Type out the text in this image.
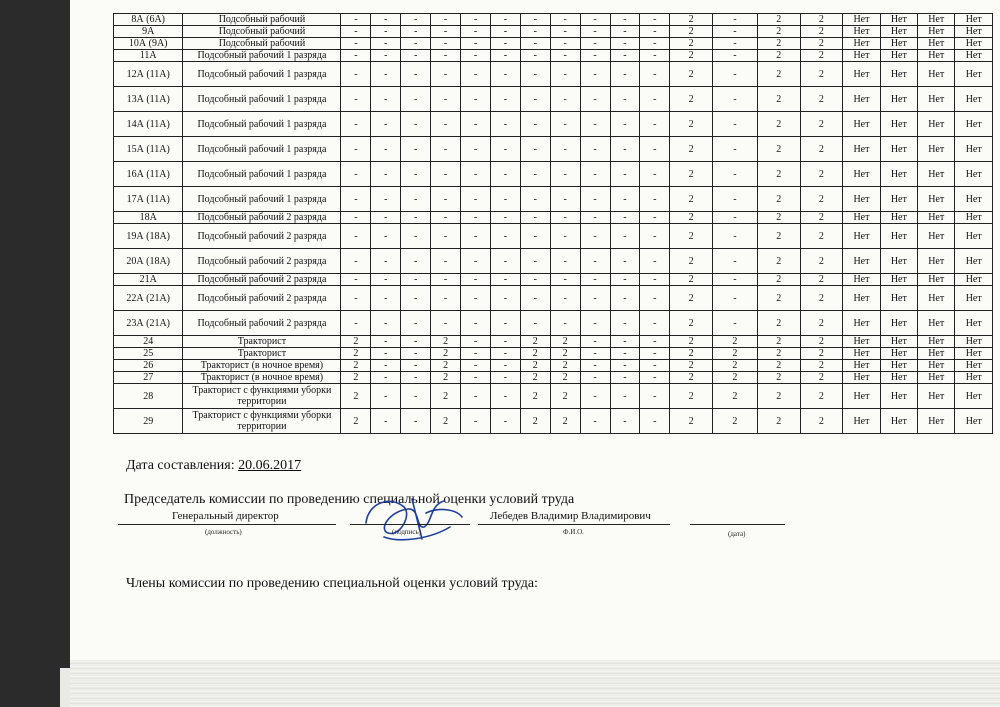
8А (6А)	Подсобный рабочий	-	-	-	-	-	-	-	-	-	-	-	2	-	2	2	Нет	Нет	Нет	Нет
9А	Подсобный рабочий	-	-	-	-	-	-	-	-	-	-	-	2	-	2	2	Нет	Нет	Нет	Нет
10А (9А)	Подсобный рабочий	-	-	-	-	-	-	-	-	-	-	-	2	-	2	2	Нет	Нет	Нет	Нет
11А	Подсобный рабочий 1 разряда	-	-	-	-	-	-	-	-	-	-	-	2	-	2	2	Нет	Нет	Нет	Нет
12А (11А)	Подсобный рабочий 1 разряда	-	-	-	-	-	-	-	-	-	-	-	2	-	2	2	Нет	Нет	Нет	Нет
13А (11А)	Подсобный рабочий 1 разряда	-	-	-	-	-	-	-	-	-	-	-	2	-	2	2	Нет	Нет	Нет	Нет
14А (11А)	Подсобный рабочий 1 разряда	-	-	-	-	-	-	-	-	-	-	-	2	-	2	2	Нет	Нет	Нет	Нет
15А (11А)	Подсобный рабочий 1 разряда	-	-	-	-	-	-	-	-	-	-	-	2	-	2	2	Нет	Нет	Нет	Нет
16А (11А)	Подсобный рабочий 1 разряда	-	-	-	-	-	-	-	-	-	-	-	2	-	2	2	Нет	Нет	Нет	Нет
17А (11А)	Подсобный рабочий 1 разряда	-	-	-	-	-	-	-	-	-	-	-	2	-	2	2	Нет	Нет	Нет	Нет
18А	Подсобный рабочий 2 разряда	-	-	-	-	-	-	-	-	-	-	-	2	-	2	2	Нет	Нет	Нет	Нет
19А (18А)	Подсобный рабочий 2 разряда	-	-	-	-	-	-	-	-	-	-	-	2	-	2	2	Нет	Нет	Нет	Нет
20А (18А)	Подсобный рабочий 2 разряда	-	-	-	-	-	-	-	-	-	-	-	2	-	2	2	Нет	Нет	Нет	Нет
21А	Подсобный рабочий 2 разряда	-	-	-	-	-	-	-	-	-	-	-	2	-	2	2	Нет	Нет	Нет	Нет
22А (21А)	Подсобный рабочий 2 разряда	-	-	-	-	-	-	-	-	-	-	-	2	-	2	2	Нет	Нет	Нет	Нет
23А (21А)	Подсобный рабочий 2 разряда	-	-	-	-	-	-	-	-	-	-	-	2	-	2	2	Нет	Нет	Нет	Нет
24	Тракторист	2	-	-	2	-	-	2	2	-	-	-	2	2	2	2	Нет	Нет	Нет	Нет
25	Тракторист	2	-	-	2	-	-	2	2	-	-	-	2	2	2	2	Нет	Нет	Нет	Нет
26	Тракторист (в ночное время)	2	-	-	2	-	-	2	2	-	-	-	2	2	2	2	Нет	Нет	Нет	Нет
27	Тракторист (в ночное время)	2	-	-	2	-	-	2	2	-	-	-	2	2	2	2	Нет	Нет	Нет	Нет
28	Тракторист с функциями уборки территории	2	-	-	2	-	-	2	2	-	-	-	2	2	2	2	Нет	Нет	Нет	Нет
29	Тракторист с функциями уборки территории	2	-	-	2	-	-	2	2	-	-	-	2	2	2	2	Нет	Нет	Нет	Нет
Дата составления: 20.06.2017
Председатель комиссии по проведению специальной оценки условий труда
Генеральный директор
(должность)	(подпись)
Лебедев Владимир Владимирович
Ф.И.О.	(дата)
Члены комиссии по проведению специальной оценки условий труда:
